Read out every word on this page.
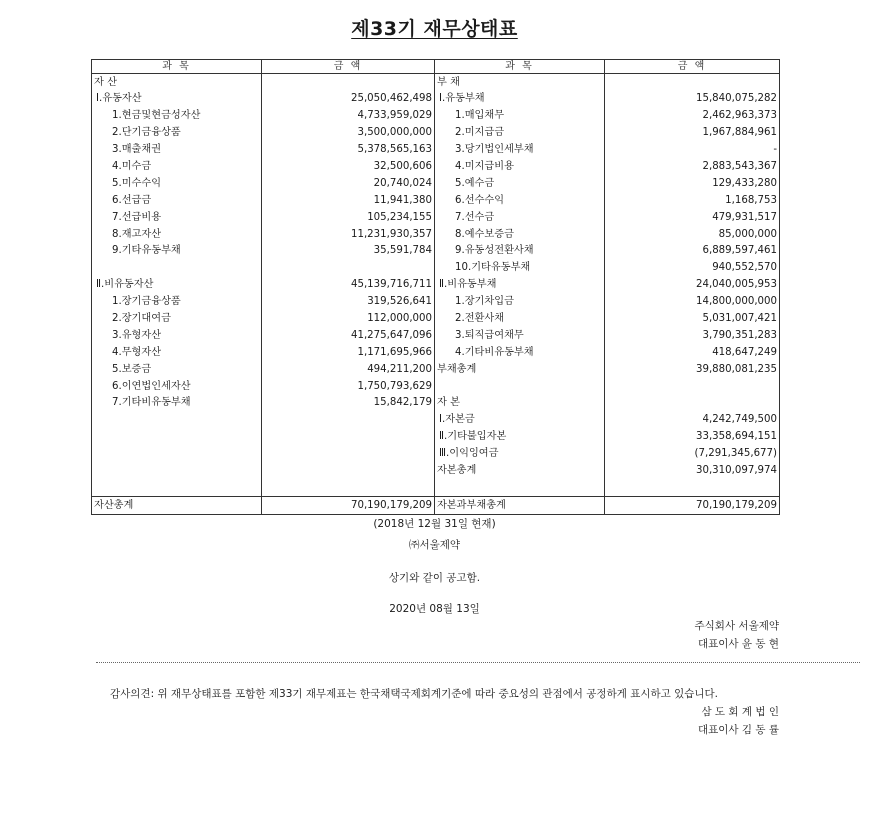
제33기 재무상태표
과 목	금 액	과 목	금 액
자 산		부 채	
Ⅰ.유동자산	25,050,462,498	Ⅰ.유동부채	15,840,075,282
1.현금및현금성자산	4,733,959,029	1.매입채무	2,462,963,373
2.단기금융상품	3,500,000,000	2.미지급금	1,967,884,961
3.매출채권	5,378,565,163	3.당기법인세부채	-
4.미수금	32,500,606	4.미지급비용	2,883,543,367
5.미수수익	20,740,024	5.예수금	129,433,280
6.선급금	11,941,380	6.선수수익	1,168,753
7.선급비용	105,234,155	7.선수금	479,931,517
8.재고자산	11,231,930,357	8.예수보증금	85,000,000
9.기타유동부채	35,591,784	9.유동성전환사채	6,889,597,461
		10.기타유동부채	940,552,570
Ⅱ.비유동자산	45,139,716,711	Ⅱ.비유동부채	24,040,005,953
1.장기금융상품	319,526,641	1.장기차입금	14,800,000,000
2.장기대여금	112,000,000	2.전환사채	5,031,007,421
3.유형자산	41,275,647,096	3.퇴직급여채무	3,790,351,283
4.무형자산	1,171,695,966	4.기타비유동부채	418,647,249
5.보증금	494,211,200	부채총계	39,880,081,235
6.이연법인세자산	1,750,793,629		
7.기타비유동부채	15,842,179	자 본	
		Ⅰ.자본금	4,242,749,500
		Ⅱ.기타불입자본	33,358,694,151
		Ⅲ.이익잉여금	(7,291,345,677)
		자본총계	30,310,097,974

자산총계	70,190,179,209	자본과부채총계	70,190,179,209
(2018년 12월 31일 현재)
㈜서울제약
상기와 같이 공고함.
2020년 08월 13일
주식회사 서울제약
대표이사 윤 동 현
감사의견: 위 재무상태표를 포함한 제33기 재무제표는 한국채택국제회계기준에 따라 중요성의 관점에서 공정하게 표시하고 있습니다.
삼 도 회 계 법 인
대표이사 김 동 률
